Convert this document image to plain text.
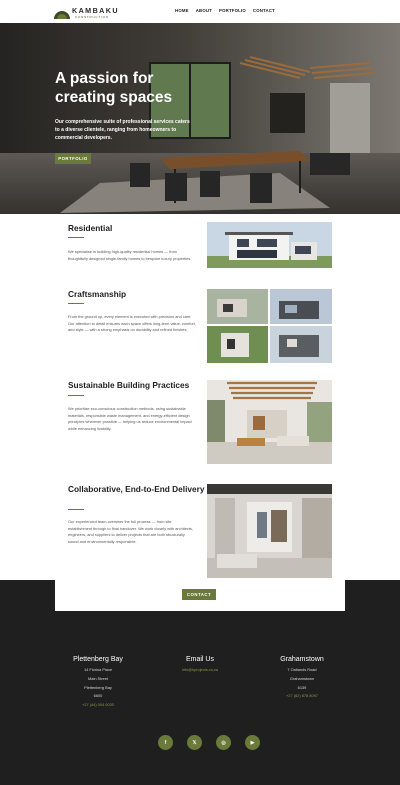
KAMBAKU
CONSTRUCTION
HOME ABOUT PORTFOLIO CONTACT
A passion for creating spaces

Our comprehensive suite of professional services caters to a diverse clientele, ranging from homeowners to commercial developers.

PORTFOLIO
Residential

We specialise in building high-quality residential homes — from thoughtfully designed single-family homes to bespoke luxury properties.

Craftsmanship

From the ground up, every element is executed with precision and care. Our attention to detail ensures each space offers long-term value, comfort, and style — with a strong emphasis on durability and refined finishes.

Sustainable Building Practices

We prioritise eco-conscious construction methods, using sustainable materials, responsible waste management, and energy-efficient design principles wherever possible — helping us reduce environmental impact while enhancing livability.

Collaborative, End-to-End Delivery

Our experienced team oversees the full process — from site establishment through to final handover. We work closely with architects, engineers, and suppliers to deliver projects that are both structurally sound and environmentally responsible.

CONTACT
Plettenberg Bay
14 Florina Place
Main Street
Plettenberg Bay
6600
+27 (44) 004 0030
Email Us
info@kprojects.co.za
Grahamstown
7 Oatlands Road
Grahamstown
6139
+27 (82) 878 8097
f	𝕏	◎	▶
